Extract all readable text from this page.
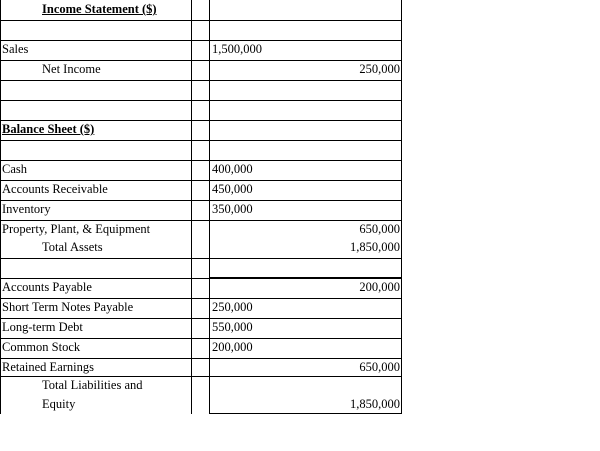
Income Statement ($)
Sales	1,500,000
Net Income	250,000
Balance Sheet ($)
Cash	400,000
Accounts Receivable	450,000
Inventory	350,000
Property, Plant, & Equipment	650,000
Total Assets	1,850,000
Accounts Payable	200,000
Short Term Notes Payable	250,000
Long-term Debt	550,000
Common Stock	200,000
Retained Earnings	650,000
Total Liabilities and
Equity	1,850,000
